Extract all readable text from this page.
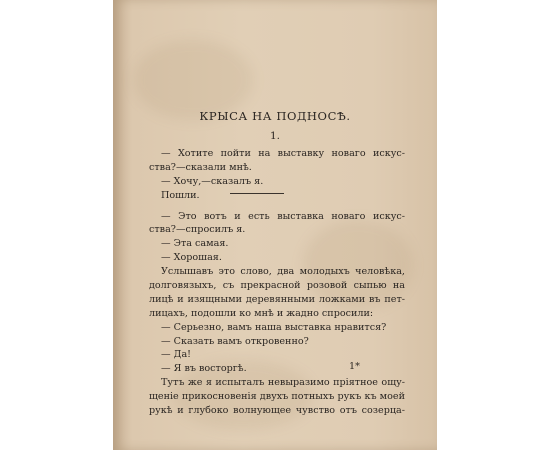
КРЫСА НА ПОДНОСѢ.
1.
— Хотите пойти на выставку новаго искус-
ства?—сказали мнѣ.
— Хочу,—сказалъ я.
Пошли.
— Это вотъ и есть выставка новаго искус-
ства?—спросилъ я.
— Эта самая.
— Хорошая.
Услышавъ это слово, два молодыхъ человѣка,
долговязыхъ, съ прекрасной розовой сыпью на
лицѣ и изящными деревянными ложками въ пет-
лицахъ, подошли ко мнѣ и жадно спросили:
— Серьезно, вамъ наша выставка нравится?
— Сказать вамъ откровенно?
— Да!
— Я въ восторгѣ.
Тутъ же я испыталъ невыразимо пріятное ощу-
щеніе прикосновенія двухъ потныхъ рукъ къ моей
рукѣ и глубоко волнующее чувство отъ созерца-
1*
